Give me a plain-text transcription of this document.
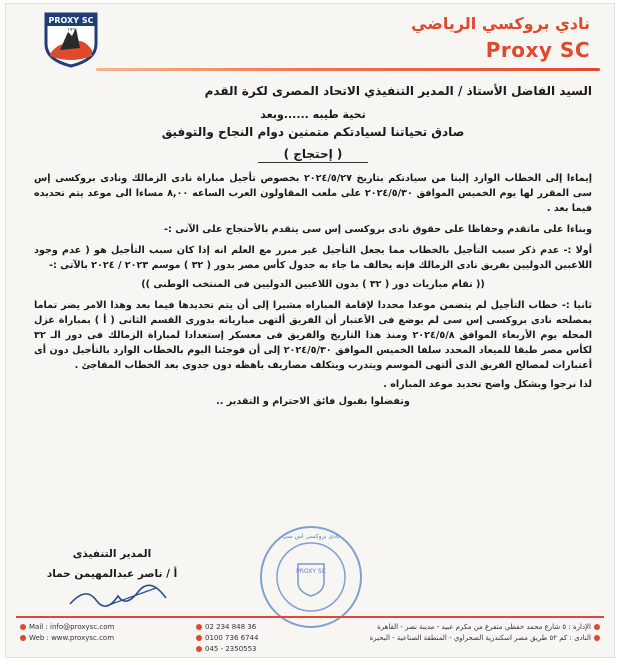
PROXY SC
١٩٩	نادي بروكسي الرياضي
Proxy SC
السيد الفاضل الأستاذ / المدير التنفيذي الاتحاد المصرى لكرة القدم
تحية طيبه ......وبعد
صادق تحياتنا لسيادتكم متمنين دوام النجاح والتوفيق
( إحتجاج )

إيماءا إلى الخطاب الوارد إلينا من سيادتكم بتاريخ ٢٠٢٤/٥/٢٧ بخصوص تأجيل مباراة نادى الزمالك ونادى بروكسى إس سى المقرر لها يوم الخميس الموافق ٢٠٢٤/٥/٣٠ على ملعب المقاولون العرب الساعه ٨,٠٠ مساءا الى موعد يتم تحديده فيما بعد .

وبناءا على ماتقدم وحفاظا على حقوق نادى بروكسى إس سى يتقدم بالأحتجاج على الآتى :-

أولا :- عدم ذكر سبب التأجيل بالخطاب مما يجعل التأجيل غير مبرر مع العلم انه إذا كان سبب التأجيل هو ( عدم وجود اللاعبين الدوليين بفريق نادى الزمالك فإنه يخالف ما جاء به جدول كأس مصر بدور ( ٣٢ ) موسم ٢٠٢٣ / ٢٠٢٤ بالآتى :-

(( تقام مباريات دور ( ٣٢ ) بدون اللاعبين الدوليين فى المنتخب الوطنى ))

ثانيا :- خطاب التأجيل لم يتضمن موعدا محددا لإقامة المباراه مشيرا إلى أن يتم تحديدها فيما بعد وهذا الامر يضر تماما بمصلحه نادى بروكسى إس سى لم يوضع فى الأعتبار أن الفريق ألتهى مبارياته بدورى القسم الثانى ( أ ) بمباراة غزل المحله يوم الأربعاء الموافق ٢٠٢٤/٥/٨ ومنذ هذا التاريخ والفريق فى معسكر إستعدادا لمباراة الزمالك فى دور الـ ٣٢ لكأس مصر طبقا للميعاد المحدد سلفا الخميس الموافق ٢٠٢٤/٥/٣٠ إلى أن فوجئنا اليوم بالخطاب الوارد بالتأجيل دون أى أعتبارات لمصالح الفريق الذى ألتهى الموسم ويتدرب ويتكلف مصاريف باهظه دون جدوى بعد الخطاب المفاجئ .

لذا نرجوا وبشكل واضح تحديد موعد المباراه .

وتفضلوا بقبول فائق الاحترام و التقدير ..

المدير التنفيذى
أ / ناصر عبدالمهيمن حماد	PROXY SC
نادى بروكسى اس سى
Mail : info@proxysc.com
Web : www.proxysc.com
02 234 848 36
0100 736 6744
045 - 2350553
الإدارة : ٥ شارع محمد حفظي متفرع من مكرم عبيد - مدينة نصر - القاهرة
النادى : كم ٥٢ طريق مصر اسكندرية الصحراوي - المنطقة الصناعية - البحيرة
